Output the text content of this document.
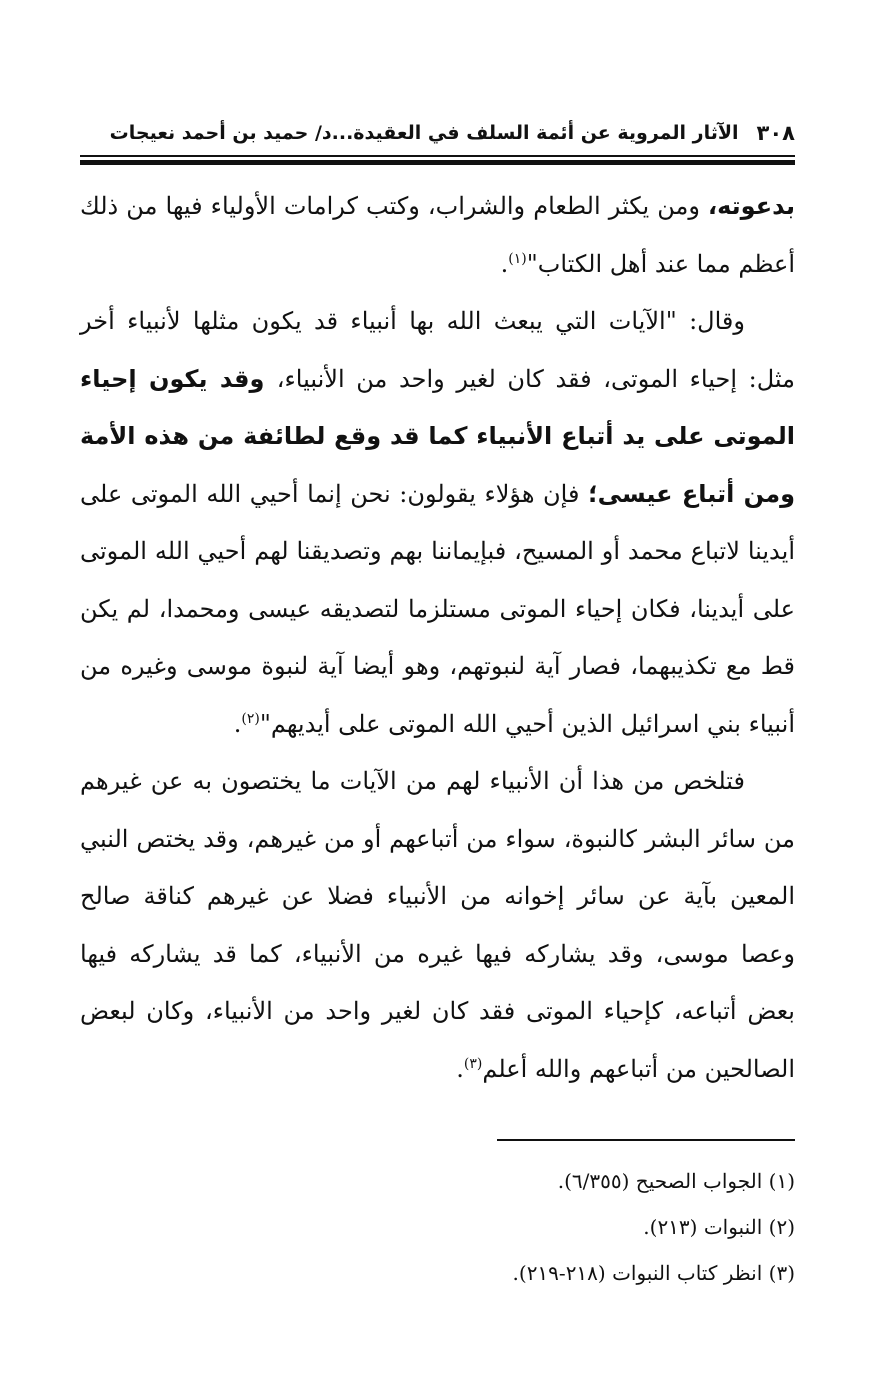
٣٠٨
الآثار المروية عن أئمة السلف في العقيدة...د/ حميد بن أحمد نعيجات

بدعوته، ومن يكثر الطعام والشراب، وكتب كرامات الأولياء فيها من ذلك أعظم مما عند أهل الكتاب"$^{(١)}$.

وقال: "الآيات التي يبعث الله بها أنبياء قد يكون مثلها لأنبياء أخر مثل: إحياء الموتى، فقد كان لغير واحد من الأنبياء، وقد يكون إحياء الموتى على يد أتباع الأنبياء كما قد وقع لطائفة من هذه الأمة ومن أتباع عيسى؛ فإن هؤلاء يقولون: نحن إنما أحيي الله الموتى على أيدينا لاتباع محمد أو المسيح، فبإيماننا بهم وتصديقنا لهم أحيي الله الموتى على أيدينا، فكان إحياء الموتى مستلزما لتصديقه عيسى ومحمدا، لم يكن قط مع تكذيبهما، فصار آية لنبوتهم، وهو أيضا آية لنبوة موسى وغيره من أنبياء بني اسرائيل الذين أحيي الله الموتى على أيديهم"$^{(٢)}$.

فتلخص من هذا أن الأنبياء لهم من الآيات ما يختصون به عن غيرهم من سائر البشر كالنبوة، سواء من أتباعهم أو من غيرهم، وقد يختص النبي المعين بآية عن سائر إخوانه من الأنبياء فضلا عن غيرهم كناقة صالح وعصا موسى، وقد يشاركه فيها غيره من الأنبياء، كما قد يشاركه فيها بعض أتباعه، كإحياء الموتى فقد كان لغير واحد من الأنبياء، وكان لبعض الصالحين من أتباعهم والله أعلم$^{(٣)}$.

(١) الجواب الصحيح (٦/٣٥٥).

(٢) النبوات (٢١٣).

(٣) انظر كتاب النبوات (٢١٨-٢١٩).
